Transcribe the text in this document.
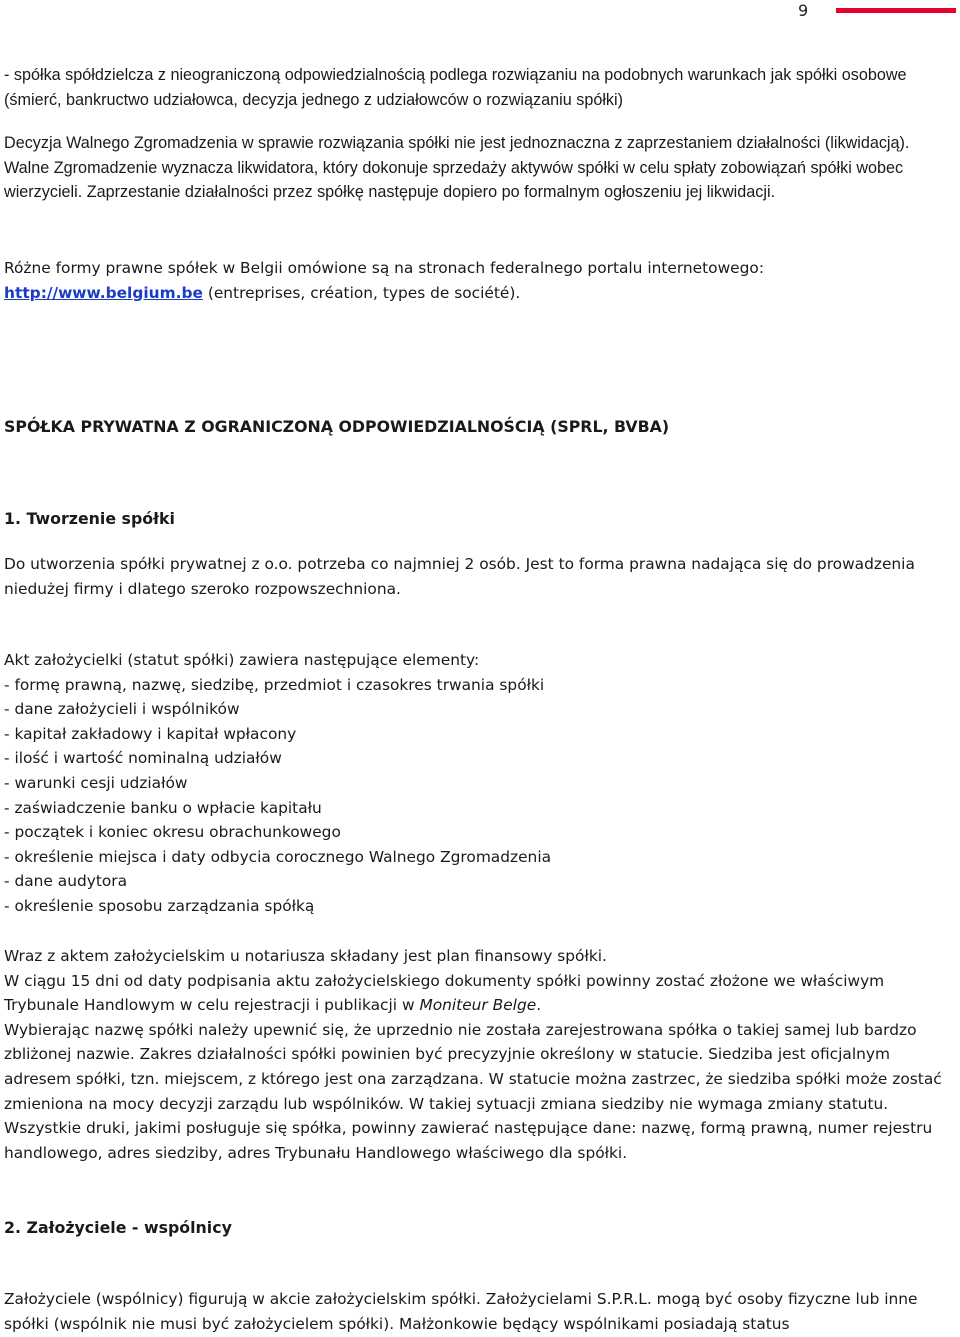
9

- spółka spółdzielcza z nieograniczoną odpowiedzialnością podlega rozwiązaniu na podobnych warunkach jak spółki osobowe (śmierć, bankructwo udziałowca, decyzja jednego z udziałowców o rozwiązaniu spółki)

Decyzja Walnego Zgromadzenia w sprawie rozwiązania spółki nie jest jednoznaczna z zaprzestaniem działalności (likwidacją). Walne Zgromadzenie wyznacza likwidatora, który dokonuje sprzedaży aktywów spółki w celu spłaty zobowiązań spółki wobec wierzycieli. Zaprzestanie działalności przez spółkę następuje dopiero po formalnym ogłoszeniu jej likwidacji.

Różne formy prawne spółek w Belgii omówione są na stronach federalnego portalu internetowego:
http://www.belgium.be (entreprises, création, types de société).

SPÓŁKA PRYWATNA Z OGRANICZONĄ ODPOWIEDZIALNOŚCIĄ (SPRL, BVBA)
1. Tworzenie spółki

Do utworzenia spółki prywatnej z o.o. potrzeba co najmniej 2 osób. Jest to forma prawna nadająca się do prowadzenia niedużej firmy i dlatego szeroko rozpowszechniona.

Akt założycielki (statut spółki) zawiera następujące elementy:
- formę prawną, nazwę, siedzibę, przedmiot i czasokres trwania spółki
- dane założycieli i wspólników
- kapitał zakładowy i kapitał wpłacony
- ilość i wartość nominalną udziałów
- warunki cesji udziałów
- zaświadczenie banku o wpłacie kapitału
- początek i koniec okresu obrachunkowego
- określenie miejsca i daty odbycia corocznego Walnego Zgromadzenia
- dane audytora
- określenie sposobu zarządzania spółką
Wraz z aktem założycielskim u notariusza składany jest plan finansowy spółki.
W ciągu 15 dni od daty podpisania aktu założycielskiego dokumenty spółki powinny zostać złożone we właściwym Trybunale Handlowym w celu rejestracji i publikacji w Moniteur Belge.
Wybierając nazwę spółki należy upewnić się, że uprzednio nie została zarejestrowana spółka o takiej samej lub bardzo zbliżonej nazwie. Zakres działalności spółki powinien być precyzyjnie określony w statucie. Siedziba jest oficjalnym adresem spółki, tzn. miejscem, z którego jest ona zarządzana. W statucie można zastrzec, że siedziba spółki może zostać zmieniona na mocy decyzji zarządu lub wspólników. W takiej sytuacji zmiana siedziby nie wymaga zmiany statutu. Wszystkie druki, jakimi posługuje się spółka, powinny zawierać następujące dane: nazwę, formą prawną, numer rejestru handlowego, adres siedziby, adres Trybunału Handlowego właściwego dla spółki.
2. Założyciele - wspólnicy

Założyciele (wspólnicy) figurują w akcie założycielskim spółki. Założycielami S.P.R.L. mogą być osoby fizyczne lub inne spółki (wspólnik nie musi być założycielem spółki). Małżonkowie będący wspólnikami posiadają status
